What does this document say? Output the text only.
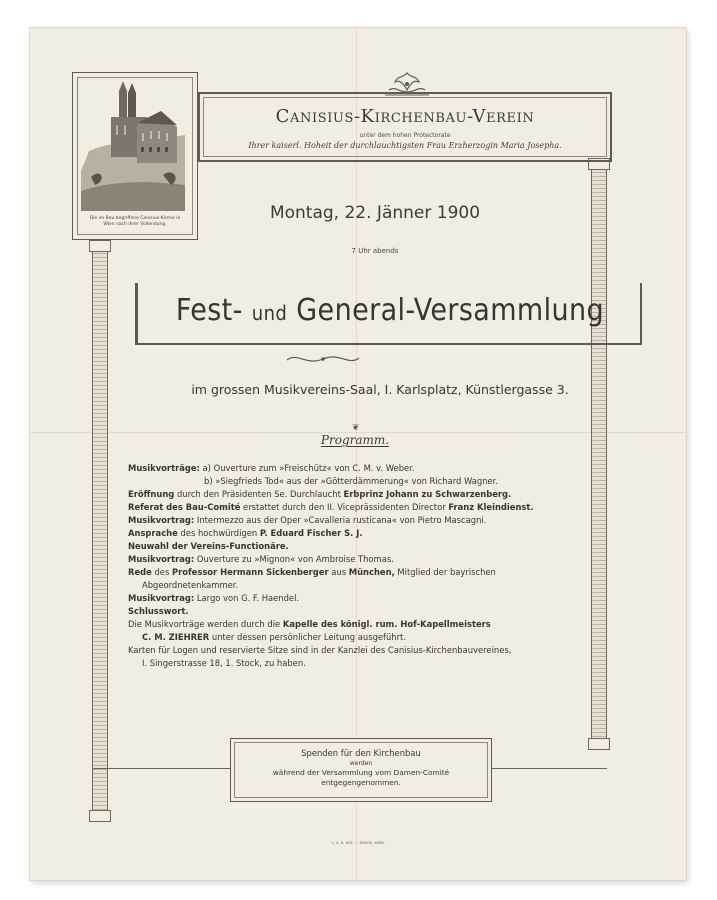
Canisius-Kirchenbau-Verein
unter dem hohen Protectorate
Ihrer kaiserl. Hoheit der durchlauchtigsten Frau Erzherzogin Maria Josepha.
Die im Bau begriffene Canisius-Kirche in
Wien nach ihrer Vollendung.
Montag, 22. Jänner 1900
7 Uhr abends
Fest- und General-Versammlung
im grossen Musikvereins-Saal, I. Karlsplatz, Künstlergasse 3.
❦
Programm.
Musikvorträge: a) Ouverture zum »Freischütz« von C. M. v. Weber.
b) »Siegfrieds Tod« aus der »Götterdämmerung« von Richard Wagner.
Eröffnung durch den Präsidenten Se. Durchlaucht Erbprinz Johann zu Schwarzenberg.
Referat des Bau-Comité erstattet durch den II. Viceprässidenten Director Franz Kleindienst.
Musikvortrag: Intermezzo aus der Oper »Cavalleria rusticana« von Pietro Mascagni.
Ansprache des hochwürdigen P. Eduard Fischer S. J.
Neuwahl der Vereins-Functionäre.
Musikvortrag: Ouverture zu »Mignon« von Ambroise Thomas.
Rede des Professor Hermann Sickenberger aus München, Mitglied der bayrischen
Abgeordnetenkammer.
Musikvortrag: Largo von G. F. Haendel.
Schlusswort.
Die Musikvorträge werden durch die Kapelle des königl. rum. Hof-Kapellmeisters
C. M. ZIEHRER unter dessen persönlicher Leitung ausgeführt.
Karten für Logen und reservierte Sitze sind in der Kanzlei des Canisius-Kirchenbauvereines,
I. Singerstrasse 18, 1. Stock, zu haben.
Spenden für den Kirchenbau
werden
während der Versammlung vom Damen-Comité
entgegengenommen.
L. K. K. HOF- ... DRUCK, WIEN.
